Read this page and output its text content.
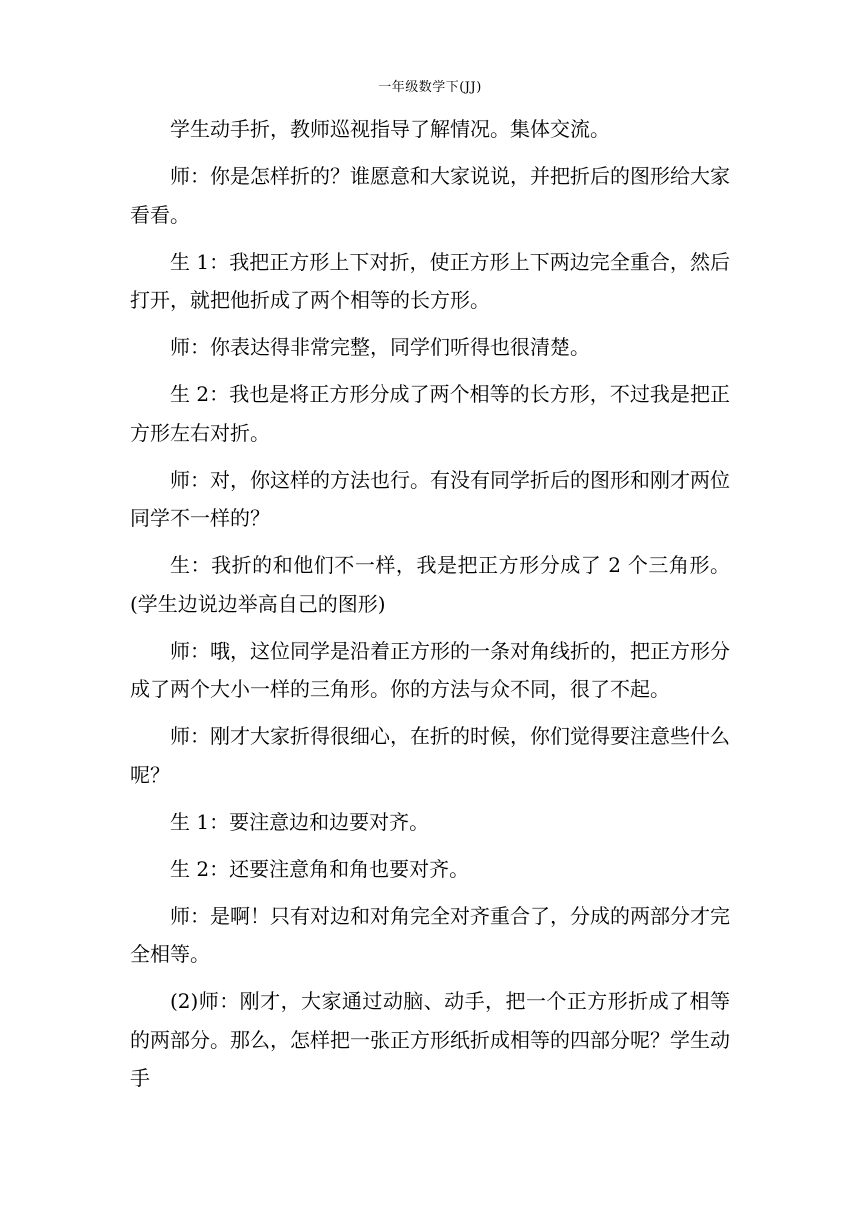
一年级数学下(JJ)

学生动手折，教师巡视指导了解情况。集体交流。

师：你是怎样折的？谁愿意和大家说说，并把折后的图形给大家看看。

生 1：我把正方形上下对折，使正方形上下两边完全重合，然后打开，就把他折成了两个相等的长方形。

师：你表达得非常完整，同学们听得也很清楚。

生 2：我也是将正方形分成了两个相等的长方形，不过我是把正方形左右对折。

师：对，你这样的方法也行。有没有同学折后的图形和刚才两位同学不一样的？

生：我折的和他们不一样，我是把正方形分成了 2 个三角形。(学生边说边举高自己的图形)

师：哦，这位同学是沿着正方形的一条对角线折的，把正方形分成了两个大小一样的三角形。你的方法与众不同，很了不起。

师：刚才大家折得很细心，在折的时候，你们觉得要注意些什么呢？

生 1：要注意边和边要对齐。

生 2：还要注意角和角也要对齐。

师：是啊！只有对边和对角完全对齐重合了，分成的两部分才完全相等。

(2)师：刚才，大家通过动脑、动手，把一个正方形折成了相等的两部分。那么，怎样把一张正方形纸折成相等的四部分呢？学生动手
